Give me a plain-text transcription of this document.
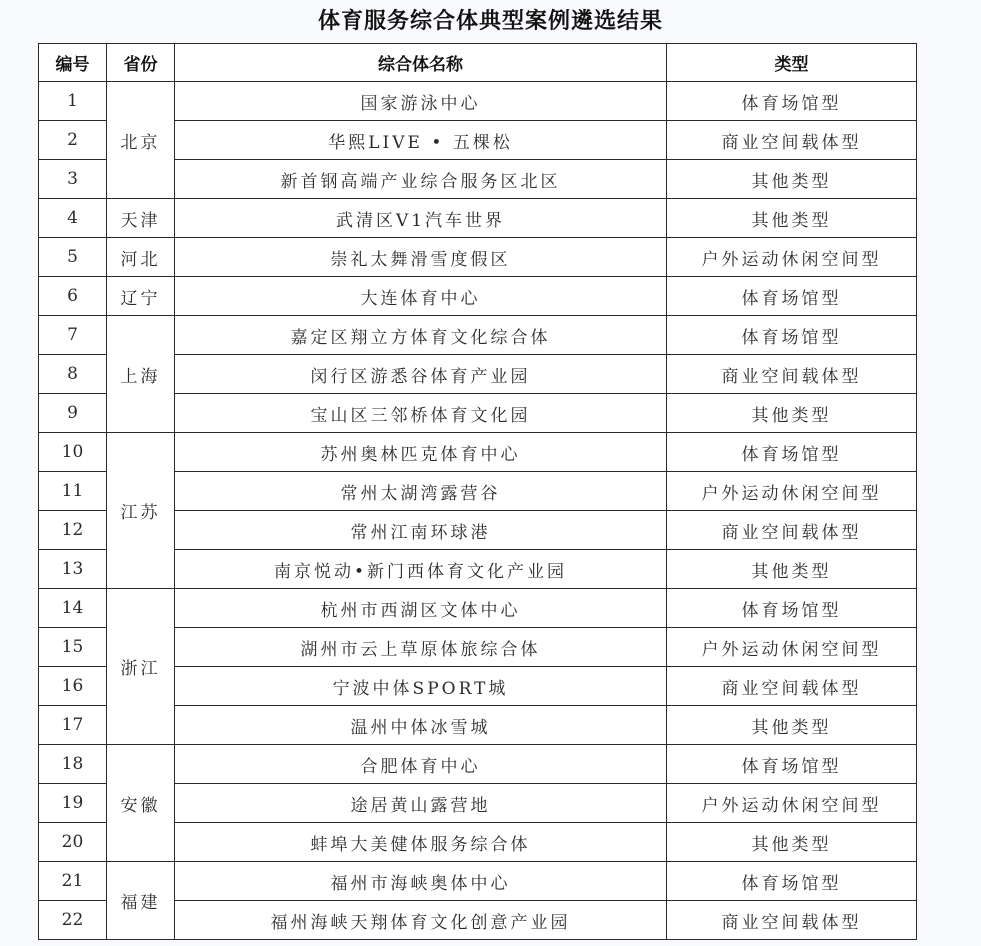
体育服务综合体典型案例遴选结果
编号	省份	综合体名称	类型
1	北京	国家游泳中心	体育场馆型
2		华熙LIVE • 五棵松	商业空间载体型
3		新首钢高端产业综合服务区北区	其他类型
4	天津	武清区V1汽车世界	其他类型
5	河北	崇礼太舞滑雪度假区	户外运动休闲空间型
6	辽宁	大连体育中心	体育场馆型
7	上海	嘉定区翔立方体育文化综合体	体育场馆型
8		闵行区游悉谷体育产业园	商业空间载体型
9		宝山区三邻桥体育文化园	其他类型
10	江苏	苏州奥林匹克体育中心	体育场馆型
11		常州太湖湾露营谷	户外运动休闲空间型
12		常州江南环球港	商业空间载体型
13		南京悦动•新门西体育文化产业园	其他类型
14	浙江	杭州市西湖区文体中心	体育场馆型
15		湖州市云上草原体旅综合体	户外运动休闲空间型
16		宁波中体SPORT城	商业空间载体型
17		温州中体冰雪城	其他类型
18	安徽	合肥体育中心	体育场馆型
19		途居黄山露营地	户外运动休闲空间型
20		蚌埠大美健体服务综合体	其他类型
21	福建	福州市海峡奥体中心	体育场馆型
22		福州海峡天翔体育文化创意产业园	商业空间载体型
